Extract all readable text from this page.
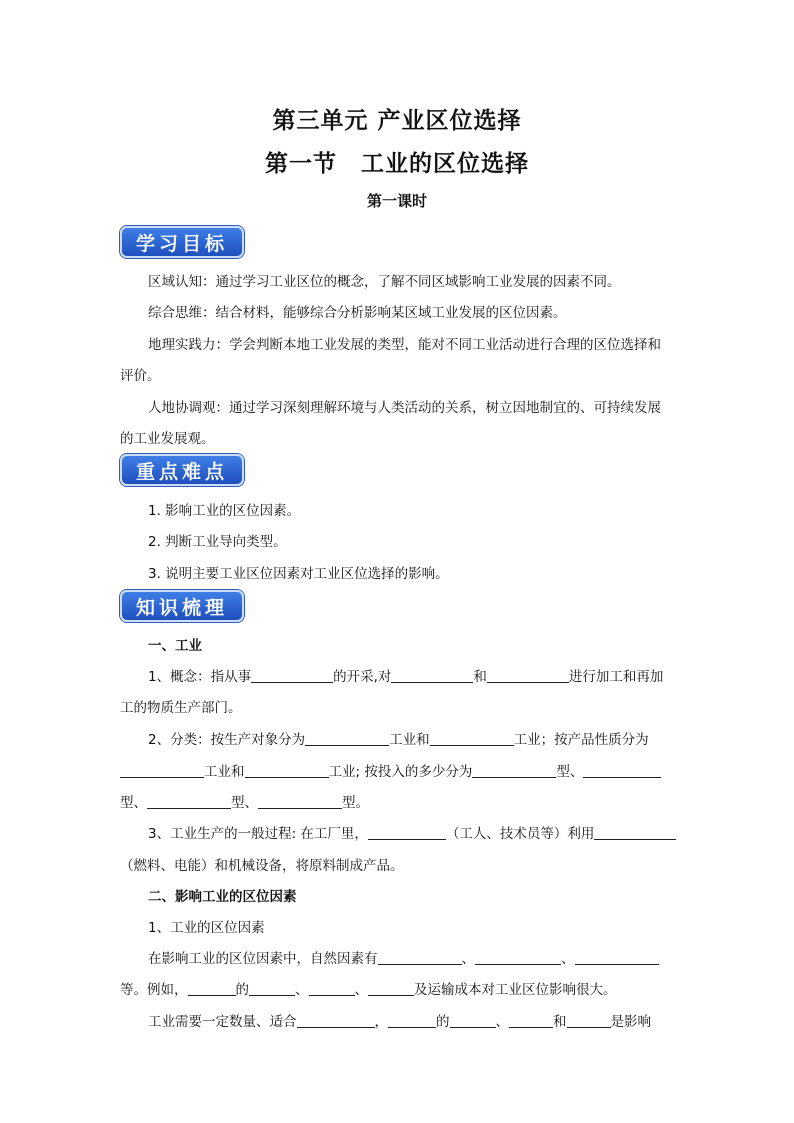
第三单元 产业区位选择
第一节　工业的区位选择
第一课时
学习目标
区域认知：通过学习工业区位的概念，了解不同区域影响工业发展的因素不同。
综合思维：结合材料，能够综合分析影响某区域工业发展的区位因素。
地理实践力：学会判断本地工业发展的类型，能对不同工业活动进行合理的区位选择和
评价。
人地协调观：通过学习深刻理解环境与人类活动的关系，树立因地制宜的、可持续发展
的工业发展观。
重点难点
1. 影响工业的区位因素。
2. 判断工业导向类型。
3. 说明主要工业区位因素对工业区位选择的影响。
知识梳理
一、工业
1、概念：指从事	的开采,对	和	进行加工和再加
工的物质生产部门。
2、分类：按生产对象分为	工业和	工业；按产品性质分为
工业和	工业; 按投入的多少分为	型、
型、	型、	型。
3、工业生产的一般过程: 在工厂里，	（工人、技术员等）利用
（燃料、电能）和机械设备，将原料制成产品。
二、影响工业的区位因素
1、工业的区位因素
在影响工业的区位因素中，自然因素有	、	、
等。例如，	的	、	、	及运输成本对工业区位影响很大。
工业需要一定数量、适合	，	的	、	和	是影响
